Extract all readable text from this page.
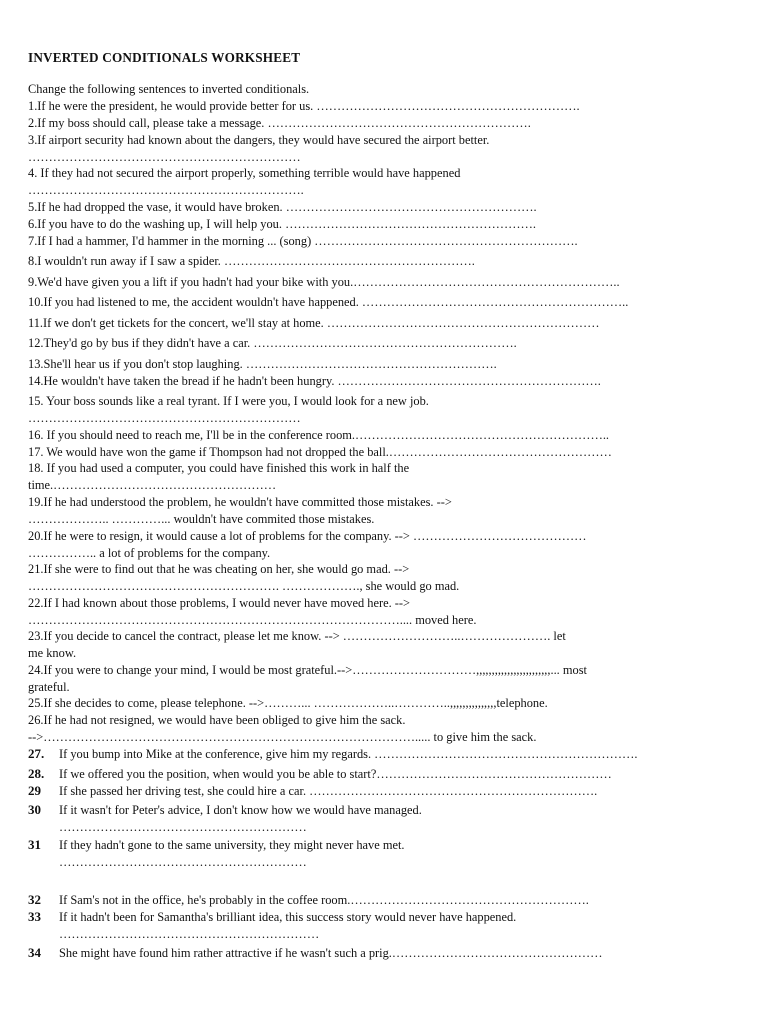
INVERTED CONDITIONALS WORKSHEET
Change the following sentences to inverted conditionals.
1.If he were the president, he would provide better for us. ……………………………………………………….
2.If my boss should call, please take a message. ……………………………………………………….
3.If airport security had known about the dangers, they would have secured the airport better.
…………………………………………………………
4. If they had not secured the airport properly, something terrible would have happened
………………………………………………………….
5.If he had dropped the vase, it would have broken. …………………………………………………….
6.If you have to do the washing up, I will help you. …………………………………………………….
7.If I had a hammer, I'd hammer in the morning ... (song) ……………………………………………………….
8.I wouldn't run away if I saw a spider. …………………………………………………….
9.We'd have given you a lift if you hadn't had your bike with you.………………………………………………………..
10.If you had listened to me, the accident wouldn't have happened. ………………………………………………………..
11.If we don't get tickets for the concert, we'll stay at home. …………………………………………………………
12.They'd go by bus if they didn't have a car. ……………………………………………………….
13.She'll hear us if you don't stop laughing. …………………………………………………….
14.He wouldn't have taken the bread if he hadn't been hungry. ……………………………………………………….
15. Your boss sounds like a real tyrant. If I were you, I would look for a new job.
…………………………………………………………
16. If you should need to reach me, I'll be in the conference room.……………………………………………………..
17. We would have won the game if Thompson had not dropped the ball.………………………………………………
18. If you had used a computer, you could have finished this work in half the
time.………………………………………………
19.If he had understood the problem, he wouldn't have committed those mistakes. -->
……………….. …………... wouldn't have commited those mistakes.
20.If he were to resign, it would cause a lot of problems for the company. --> ……………………………………
…………….. a lot of problems for the company.
21.If she were to find out that he was cheating on her, she would go mad. -->
……………………………………………………. ………………., she would go mad.
22.If I had known about those problems, I would never have moved here. -->
……………………………………………………………………………….... moved here.
23.If you decide to cancel the contract, please let me know. --> ………………………..…………………. let
me know.
24.If you were to change your mind, I would be most grateful.-->…………………………,,,,,,,,,,,,,,,,,,,,,,,,... most
grateful.
25.If she decides to come, please telephone. -->………... ………………..…………..,,,,,,,,,,,,,,,telephone.
26.If he had not resigned, we would have been obliged to give him the sack.
-->………………………………………………………………………………..... to give him the sack.
27. If you bump into Mike at the conference, give him my regards. ……………………………………………………….
28. If we offered you the position, when would you be able to start?…………………………………………………
29 If she passed her driving test, she could hire a car. …………………………………………………………….
30 If it wasn't for Peter's advice, I don't know how we would have managed.
……………………………………………………
31 If they hadn't gone to the same university, they might never have met.
……………………………………………………
32 If Sam's not in the office, he's probably in the coffee room.………………………………………………….
33 If it hadn't been for Samantha's brilliant idea, this success story would never have happened.
………………………………………………………
34 She might have found him rather attractive if he wasn't such a prig.……………………………………………
